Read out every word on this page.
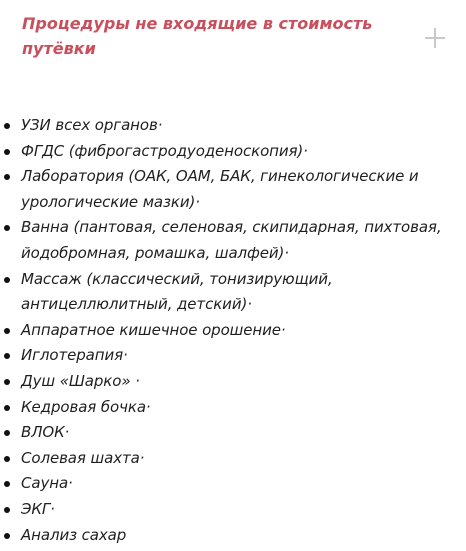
Процедуры не входящие в стоимость путёвки
УЗИ всех органов·
ФГДС (фиброгастродуоденоскопия)·
Лаборатория (ОАК, ОАМ, БАК, гинекологические и урологические мазки)·
Ванна (пантовая, селеновая, скипидарная, пихтовая, йодобромная, ромашка, шалфей)·
Массаж (классический, тонизирующий, антицеллюлитный, детский)·
Аппаратное кишечное орошение·
Иглотерапия·
Душ «Шарко» ·
Кедровая бочка·
ВЛОК·
Солевая шахта·
Сауна·
ЭКГ·
Анализ сахар
